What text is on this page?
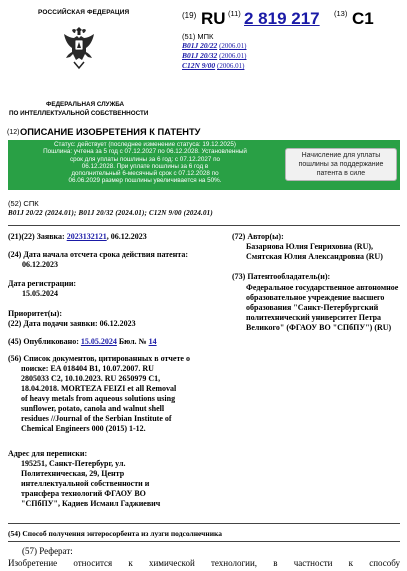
РОССИЙСКАЯ ФЕДЕРАЦИЯ
ФЕДЕРАЛЬНАЯ СЛУЖБА
ПО ИНТЕЛЛЕКТУАЛЬНОЙ СОБСТВЕННОСТИ
(19) RU (11) 2 819 217 (13) C1
(51) МПК
B01J 20/22 (2006.01)
B01J 20/32 (2006.01)
C12N 9/00 (2006.01)
(12) ОПИСАНИЕ ИЗОБРЕТЕНИЯ К ПАТЕНТУ
Статус: действует (последнее изменение статуса: 19.12.2025)
Пошлина: учтена за 5 год с 07.12.2027 по 06.12.2028. Установленный
срок для уплаты пошлины за 6 год: с 07.12.2027 по
06.12.2028. При уплате пошлины за 6 год в
дополнительный 6-месячный срок с 07.12.2028 по
06.06.2029 размер пошлины увеличивается на 50%.
Начисление для уплаты
пошлины за поддержание
патента в силе
(52) СПК
B01J 20/22 (2024.01); B01J 20/32 (2024.01); C12N 9/00 (2024.01)
(21)(22) Заявка: 2023132121, 06.12.2023
(24) Дата начала отсчета срока действия патента:
06.12.2023
Дата регистрации:
15.05.2024
Приоритет(ы):
(22) Дата подачи заявки: 06.12.2023
(45) Опубликовано: 15.05.2024 Бюл. № 14
(56) Список документов, цитированных в отчете о
поиске: EA 018404 B1, 10.07.2007. RU
2805033 C2, 10.10.2023. RU 2650979 C1,
18.04.2018. MORTEZA FEIZI et all Removal
of heavy metals from aqueous solutions using
sunflower, potato, canola and walnut shell
residues //Journal of the Serbian Institute of
Chemical Engineers 000 (2015) 1-12.
Адрес для переписки:
195251, Санкт-Петербург, ул.
Политехническая, 29, Центр
интеллектуальной собственности и
трансфера технологий ФГАОУ ВО
"СПбПУ", Кадиев Исмаил Гаджиевич
(72) Автор(ы):
Базарнова Юлия Генриховна (RU),
Смятская Юлия Александровна (RU)
(73) Патентообладатель(и):
Федеральное государственное автономное
образовательное учреждение высшего
образования "Санкт-Петербургский
политехнический университет Петра
Великого" (ФГАОУ ВО "СПбПУ") (RU)
(54) Способ получения энтеросорбента из лузги подсолнечника
(57) Реферат:
Изобретение относится к химической технологии, в частности к способу
